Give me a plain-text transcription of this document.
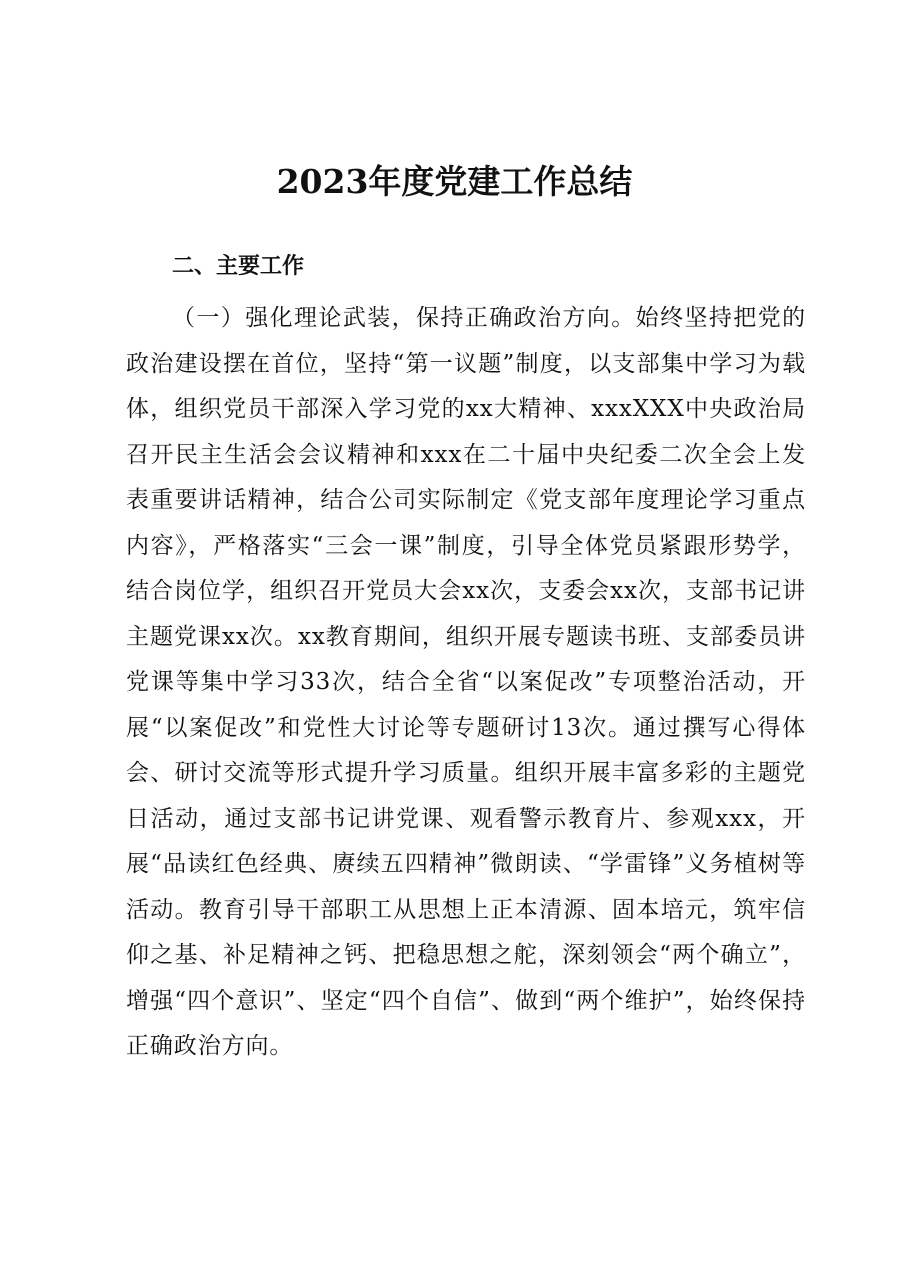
2023年度党建工作总结
二、主要工作

（一）强化理论武装，保持正确政治方向。始终坚持把党的政治建设摆在首位，坚持“第一议题”制度，以支部集中学习为载体，组织党员干部深入学习党的xx大精神、xxxXXX中央政治局召开民主生活会会议精神和xxx在二十届中央纪委二次全会上发表重要讲话精神，结合公司实际制定《党支部年度理论学习重点内容》，严格落实“三会一课”制度，引导全体党员紧跟形势学，结合岗位学，组织召开党员大会xx次，支委会xx次，支部书记讲主题党课xx次。xx教育期间，组织开展专题读书班、支部委员讲党课等集中学习33次，结合全省“以案促改”专项整治活动，开展“以案促改”和党性大讨论等专题研讨13次。通过撰写心得体会、研讨交流等形式提升学习质量。组织开展丰富多彩的主题党日活动，通过支部书记讲党课、观看警示教育片、参观xxx，开展“品读红色经典、赓续五四精神”微朗读、“学雷锋”义务植树等活动。教育引导干部职工从思想上正本清源、固本培元，筑牢信仰之基、补足精神之钙、把稳思想之舵，深刻领会“两个确立”，增强“四个意识”、坚定“四个自信”、做到“两个维护”，始终保持正确政治方向。
